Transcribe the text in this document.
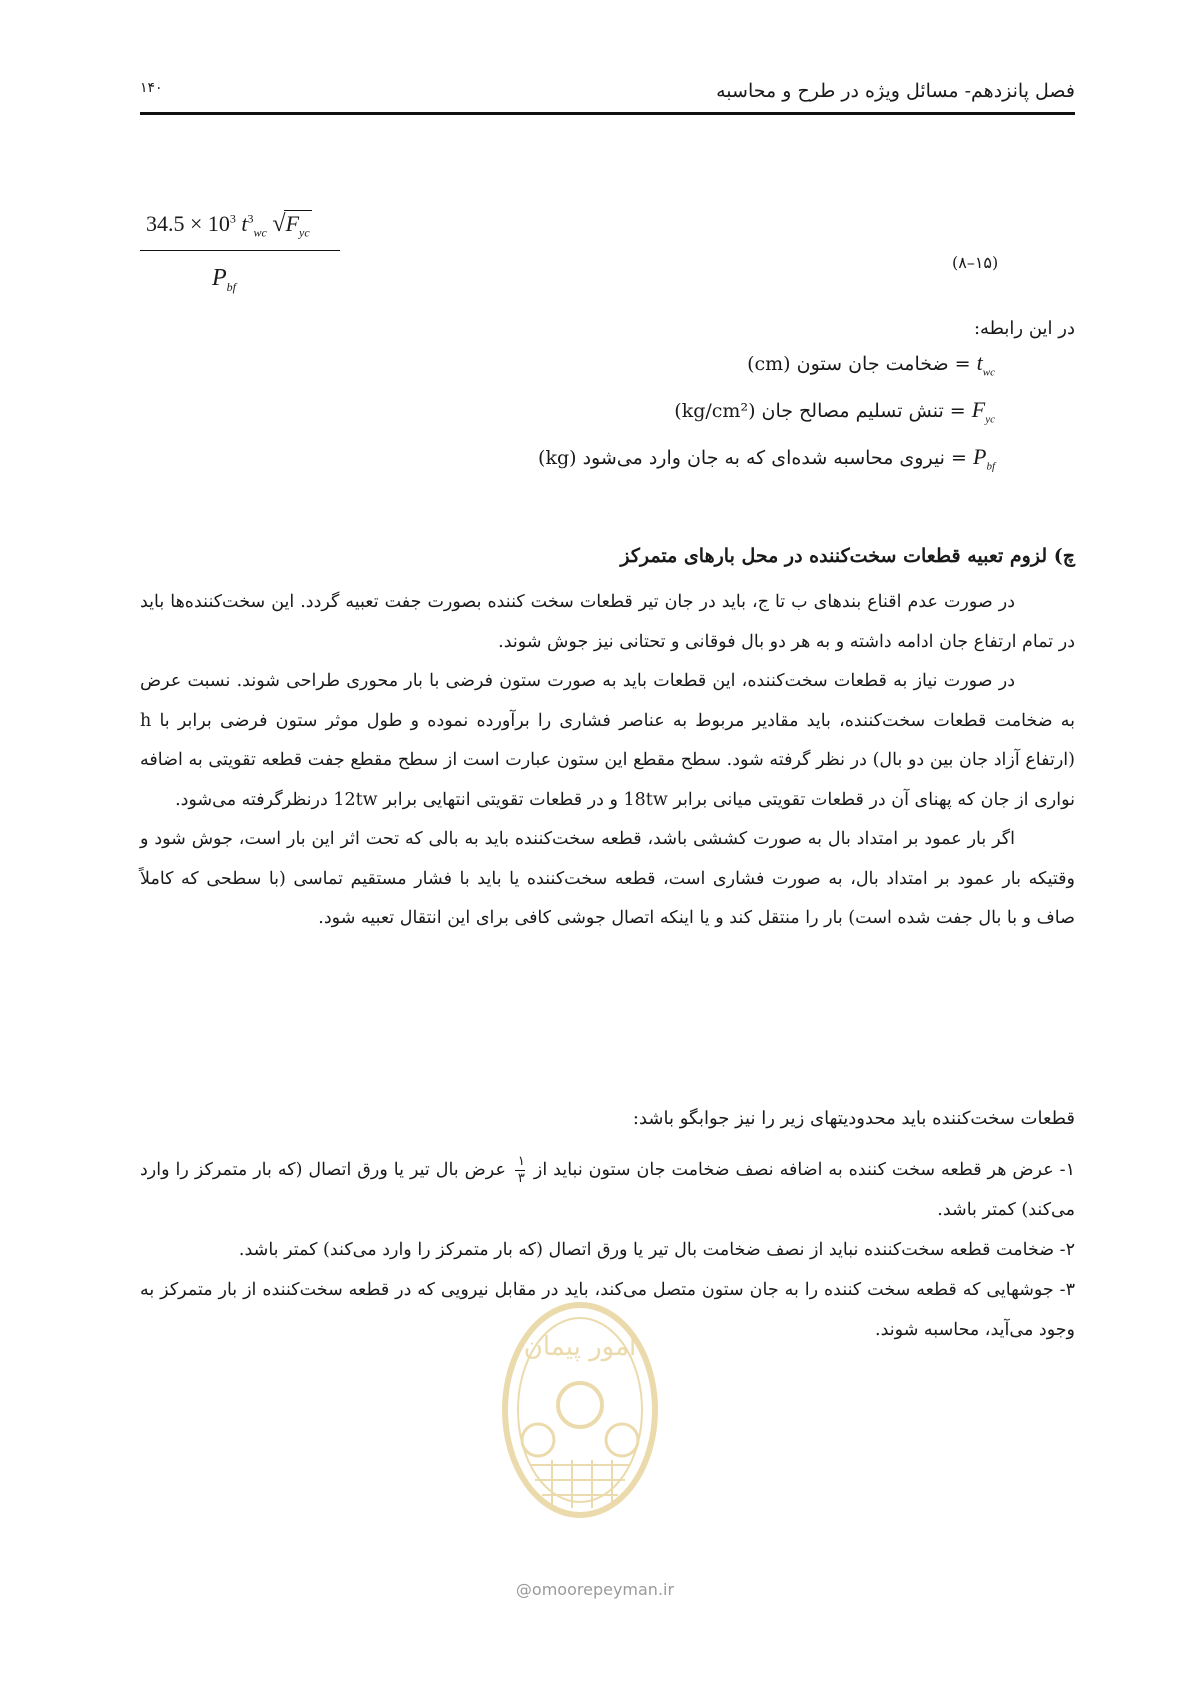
۱۴۰	فصل پانزدهم- مسائل ویژه در طرح و محاسبه
$34.5 \times 10^3$ $t^3_{wc}$ $√F_{yc}$
$P_{bf}$
(۸–۱۵)
در این رابطه:
= ضخامت جان ستون (cm) $t_{wc}$
= تنش تسلیم مصالح جان (kg/cm²) $F_{yc}$
= نیروی محاسبه شده‌ای که به جان وارد می‌شود (kg) $P_{bf}$
چ) لزوم تعبیه قطعات سخت‌کننده در محل بارهای متمرکز

در صورت عدم اقناع بندهای ب تا ج، باید در جان تیر قطعات سخت کننده بصورت جفت تعبیه گردد. این سخت‌کننده‌ها باید در تمام ارتفاع جان ادامه داشته و به هر دو بال فوقانی و تحتانی نیز جوش شوند.

در صورت نیاز به قطعات سخت‌کننده، این قطعات باید به صورت ستون فرضی با بار محوری طراحی شوند. نسبت عرض به ضخامت قطعات سخت‌کننده، باید مقادیر مربوط به عناصر فشاری را برآورده نموده و طول موثر ستون فرضی برابر با h (ارتفاع آزاد جان بین دو بال) در نظر گرفته شود. سطح مقطع این ستون عبارت است از سطح مقطع جفت قطعه تقویتی به اضافه نواری از جان که پهنای آن در قطعات تقویتی میانی برابر 18tw و در قطعات تقویتی انتهایی برابر 12tw درنظرگرفته می‌شود.

اگر بار عمود بر امتداد بال به صورت کششی باشد، قطعه سخت‌کننده باید به بالی که تحت اثر این بار است، جوش شود و وقتیکه بار عمود بر امتداد بال، به صورت فشاری است، قطعه سخت‌کننده یا باید با فشار مستقیم تماسی (با سطحی که کاملاً صاف و با بال جفت شده است) بار را منتقل کند و یا اینکه اتصال جوشی کافی برای این انتقال تعبیه شود.

قطعات سخت‌کننده باید محدودیتهای زیر را نیز جوابگو باشد:

۱- عرض هر قطعه سخت کننده به اضافه نصف ضخامت جان ستون نباید از
$\frac{۱}{۳}$
عرض بال تیر یا ورق اتصال (که بار متمرکز را وارد می‌کند) کمتر باشد.

۲- ضخامت قطعه سخت‌کننده نباید از نصف ضخامت بال تیر یا ورق اتصال (که بار متمرکز را وارد می‌کند) کمتر باشد.

۳- جوشهایی که قطعه سخت کننده را به جان ستون متصل می‌کند، باید در مقابل نیرویی که در قطعه سخت‌کننده از بار متمرکز به وجود می‌آید، محاسبه شوند.

امور پیمان
@omoorepeyman.ir
